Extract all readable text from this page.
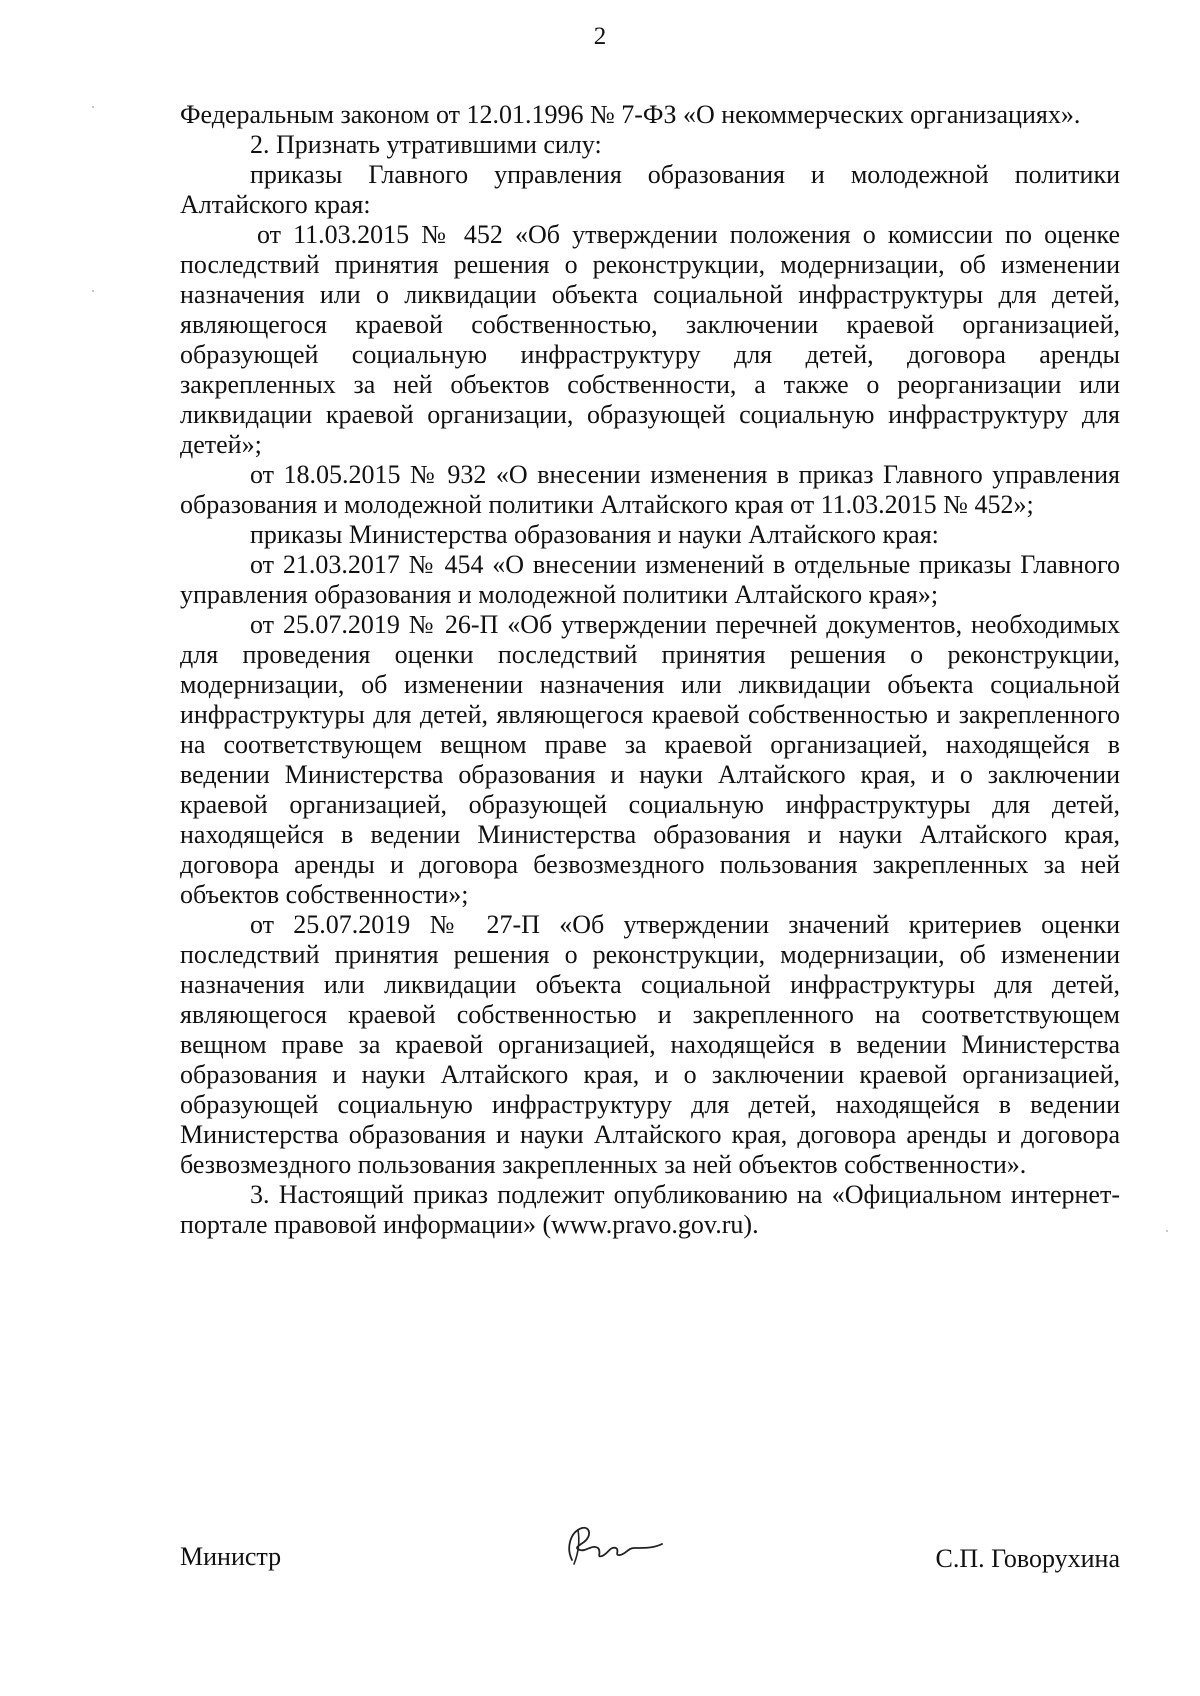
2

Федеральным законом от 12.01.1996 № 7-ФЗ «О некоммерческих организациях».

2. Признать утратившими силу:

приказы Главного управления образования и молодежной политики Алтайского края:

от 11.03.2015 № 452 «Об утверждении положения о комиссии по оценке последствий принятия решения о реконструкции, модернизации, об изменении назначения или о ликвидации объекта социальной инфраструктуры для детей, являющегося краевой собственностью, заключении краевой организацией, образующей социальную инфраструктуру для детей, договора аренды закрепленных за ней объектов собственности, а также о реорганизации или ликвидации краевой организации, образующей социальную инфраструктуру для детей»;

от 18.05.2015 № 932 «О внесении изменения в приказ Главного управления образования и молодежной политики Алтайского края от 11.03.2015 № 452»;

приказы Министерства образования и науки Алтайского края:

от 21.03.2017 № 454 «О внесении изменений в отдельные приказы Главного управления образования и молодежной политики Алтайского края»;

от 25.07.2019 № 26-П «Об утверждении перечней документов, необходимых для проведения оценки последствий принятия решения о реконструкции, модернизации, об изменении назначения или ликвидации объекта социальной инфраструктуры для детей, являющегося краевой собственностью и закрепленного на соответствующем вещном праве за краевой организацией, находящейся в ведении Министерства образования и науки Алтайского края, и о заключении краевой организацией, образующей социальную инфраструктуры для детей, находящейся в ведении Министерства образования и науки Алтайского края, договора аренды и договора безвозмездного пользования закрепленных за ней объектов собственности»;

от 25.07.2019 № 27-П «Об утверждении значений критериев оценки последствий принятия решения о реконструкции, модернизации, об изменении назначения или ликвидации объекта социальной инфраструктуры для детей, являющегося краевой собственностью и закрепленного на соответствующем вещном праве за краевой организацией, находящейся в ведении Министерства образования и науки Алтайского края, и о заключении краевой организацией, образующей социальную инфраструктуру для детей, находящейся в ведении Министерства образования и науки Алтайского края, договора аренды и договора безвозмездного пользования закрепленных за ней объектов собственности».

3. Настоящий приказ подлежит опубликованию на «Официальном интернет-портале правовой информации» (www.pravo.gov.ru).

Министр	С.П. Говорухина
